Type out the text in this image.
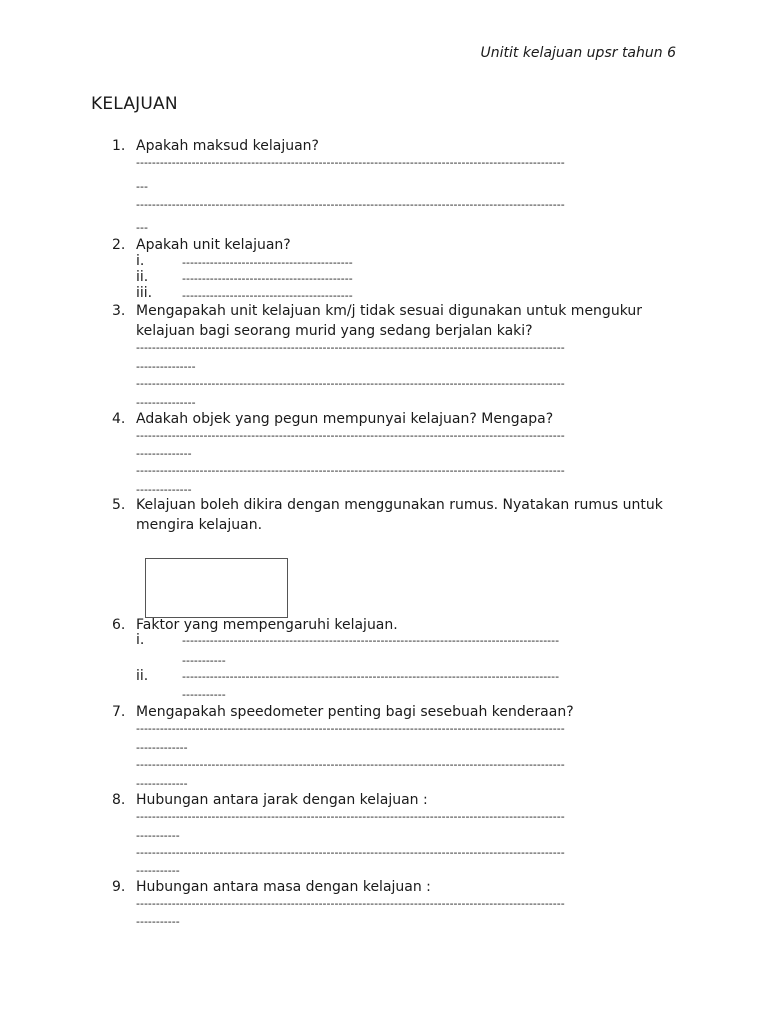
Unitit kelajuan upsr tahun 6
KELAJUAN
1. Apakah maksud kelajuan?
------------------------------------------------------------------------------------------------------------
---
------------------------------------------------------------------------------------------------------------
---
2. Apakah unit kelajuan?
i.	-------------------------------------------
ii.	-------------------------------------------
iii.	-------------------------------------------
3. Mengapakah unit kelajuan km/j tidak sesuai digunakan untuk mengukur kelajuan bagi seorang murid yang sedang berjalan kaki?
------------------------------------------------------------------------------------------------------------
---------------
------------------------------------------------------------------------------------------------------------
---------------
4. Adakah objek yang pegun mempunyai kelajuan? Mengapa?
------------------------------------------------------------------------------------------------------------
--------------
------------------------------------------------------------------------------------------------------------
--------------
5. Kelajuan boleh dikira dengan menggunakan rumus. Nyatakan rumus untuk mengira kelajuan.
6. Faktor yang mempengaruhi kelajuan.
i.	-----------------------------------------------------------------------------------------------
-----------
ii.	-----------------------------------------------------------------------------------------------
-----------
7. Mengapakah speedometer penting bagi sesebuah kenderaan?
------------------------------------------------------------------------------------------------------------
-------------
------------------------------------------------------------------------------------------------------------
-------------
8. Hubungan antara jarak dengan kelajuan :
------------------------------------------------------------------------------------------------------------
-----------
------------------------------------------------------------------------------------------------------------
-----------
9. Hubungan antara masa dengan kelajuan :
------------------------------------------------------------------------------------------------------------
-----------
